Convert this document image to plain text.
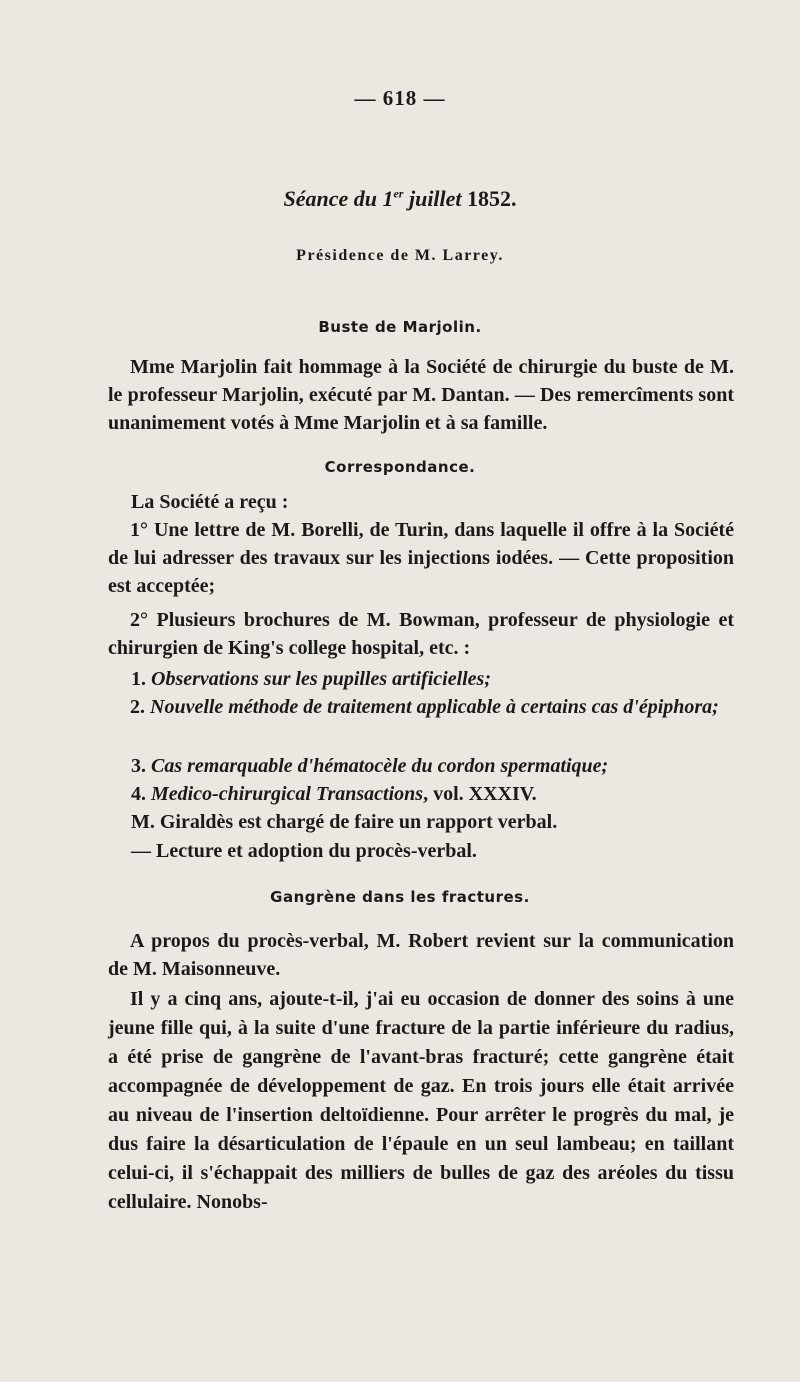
— 618 —
Séance du 1er juillet 1852.
Présidence de M. Larrey.
Buste de Marjolin.
Mme Marjolin fait hommage à la Société de chirurgie du buste de M. le professeur Marjolin, exécuté par M. Dantan. — Des remercîments sont unanimement votés à Mme Marjolin et à sa famille.
Correspondance.
La Société a reçu :
1° Une lettre de M. Borelli, de Turin, dans laquelle il offre à la Société de lui adresser des travaux sur les injections iodées. — Cette proposition est acceptée;
2° Plusieurs brochures de M. Bowman, professeur de physiologie et chirurgien de King's college hospital, etc. :
1. Observations sur les pupilles artificielles;
2. Nouvelle méthode de traitement applicable à certains cas d'épiphora;
3. Cas remarquable d'hématocèle du cordon spermatique;
4. Medico-chirurgical Transactions, vol. XXXIV.
M. Giraldès est chargé de faire un rapport verbal.
— Lecture et adoption du procès-verbal.
Gangrène dans les fractures.
A propos du procès-verbal, M. Robert revient sur la communication de M. Maisonneuve.
Il y a cinq ans, ajoute-t-il, j'ai eu occasion de donner des soins à une jeune fille qui, à la suite d'une fracture de la partie inférieure du radius, a été prise de gangrène de l'avant-bras fracturé; cette gangrène était accompagnée de développement de gaz. En trois jours elle était arrivée au niveau de l'insertion deltoïdienne. Pour arrêter le progrès du mal, je dus faire la désarticulation de l'épaule en un seul lambeau; en taillant celui-ci, il s'échappait des milliers de bulles de gaz des aréoles du tissu cellulaire. Nonobs-
